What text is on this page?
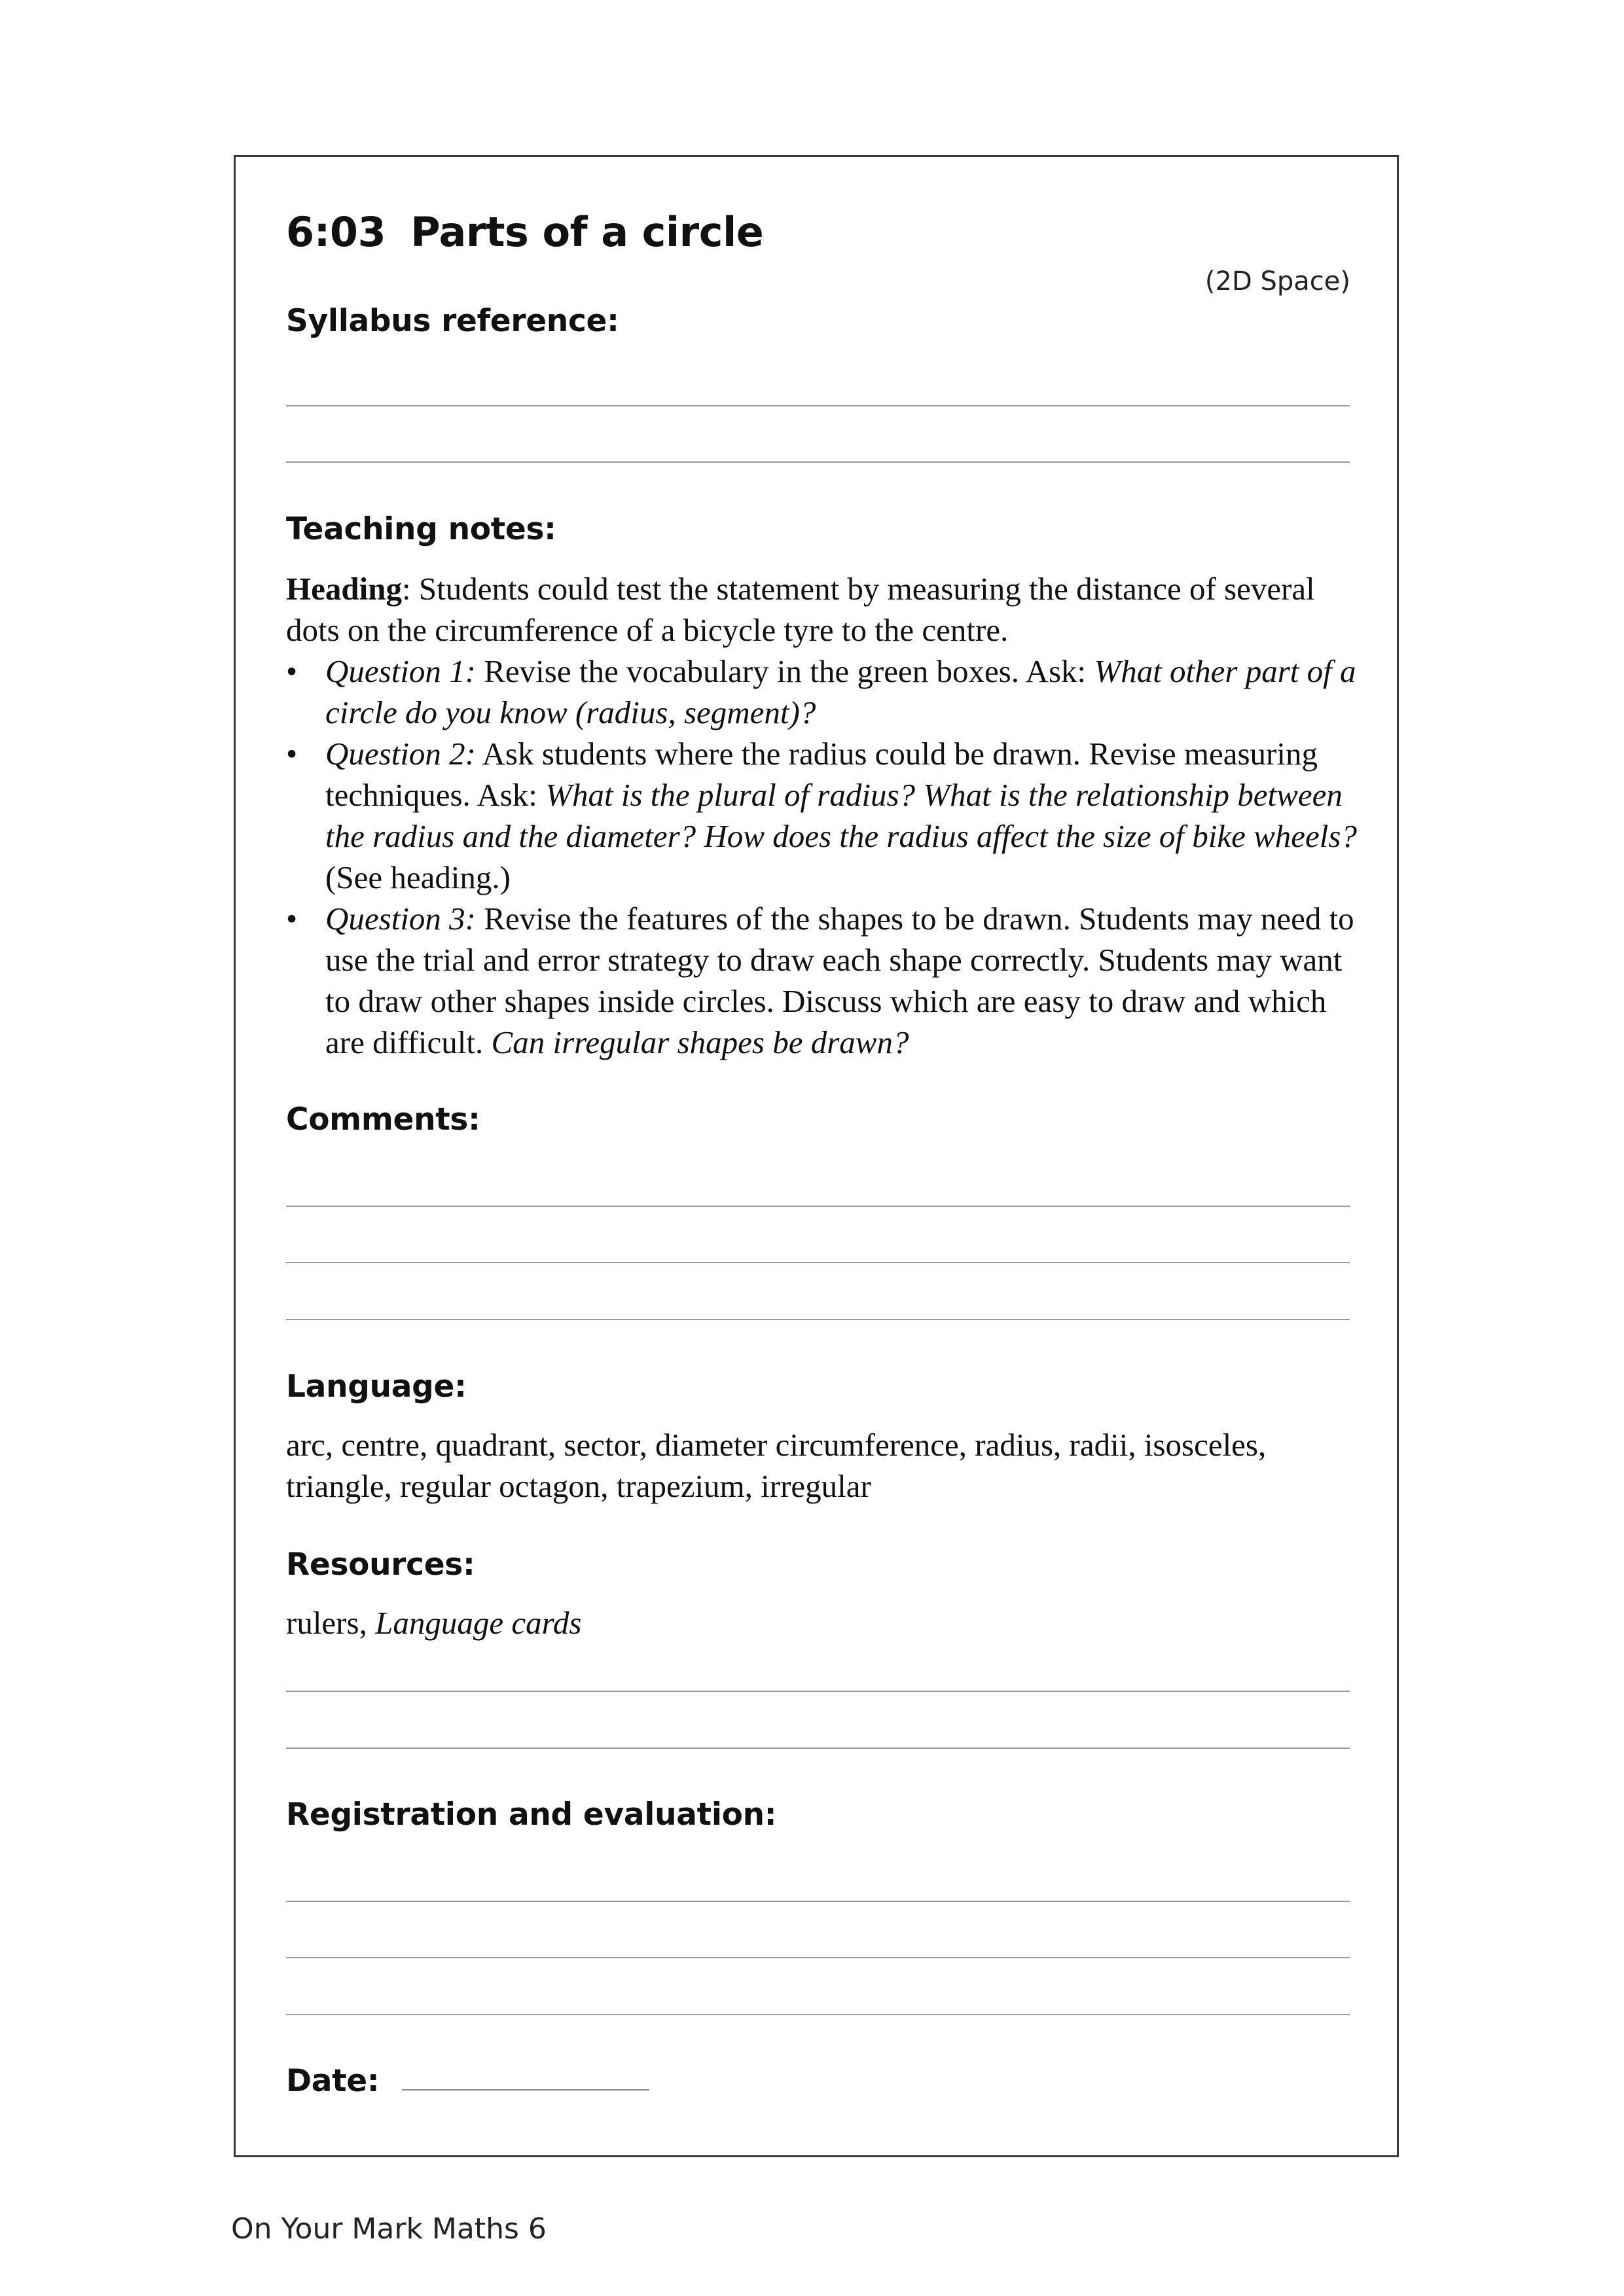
6:03 Parts of a circle
(2D Space)
Syllabus reference:
Teaching notes:
Heading: Students could test the statement by measuring the distance of several dots on the circumference of a bicycle tyre to the centre.
• Question 1: Revise the vocabulary in the green boxes. Ask: What other part of a circle do you know (radius, segment)?
• Question 2: Ask students where the radius could be drawn. Revise measuring techniques. Ask: What is the plural of radius? What is the relationship between the radius and the diameter? How does the radius affect the size of bike wheels? (See heading.)
• Question 3: Revise the features of the shapes to be drawn. Students may need to use the trial and error strategy to draw each shape correctly. Students may want to draw other shapes inside circles. Discuss which are easy to draw and which are difficult. Can irregular shapes be drawn?
Comments:
Language:
arc, centre, quadrant, sector, diameter circumference, radius, radii, isosceles, triangle, regular octagon, trapezium, irregular
Resources:
rulers, Language cards
Registration and evaluation:
Date:
On Your Mark Maths 6
